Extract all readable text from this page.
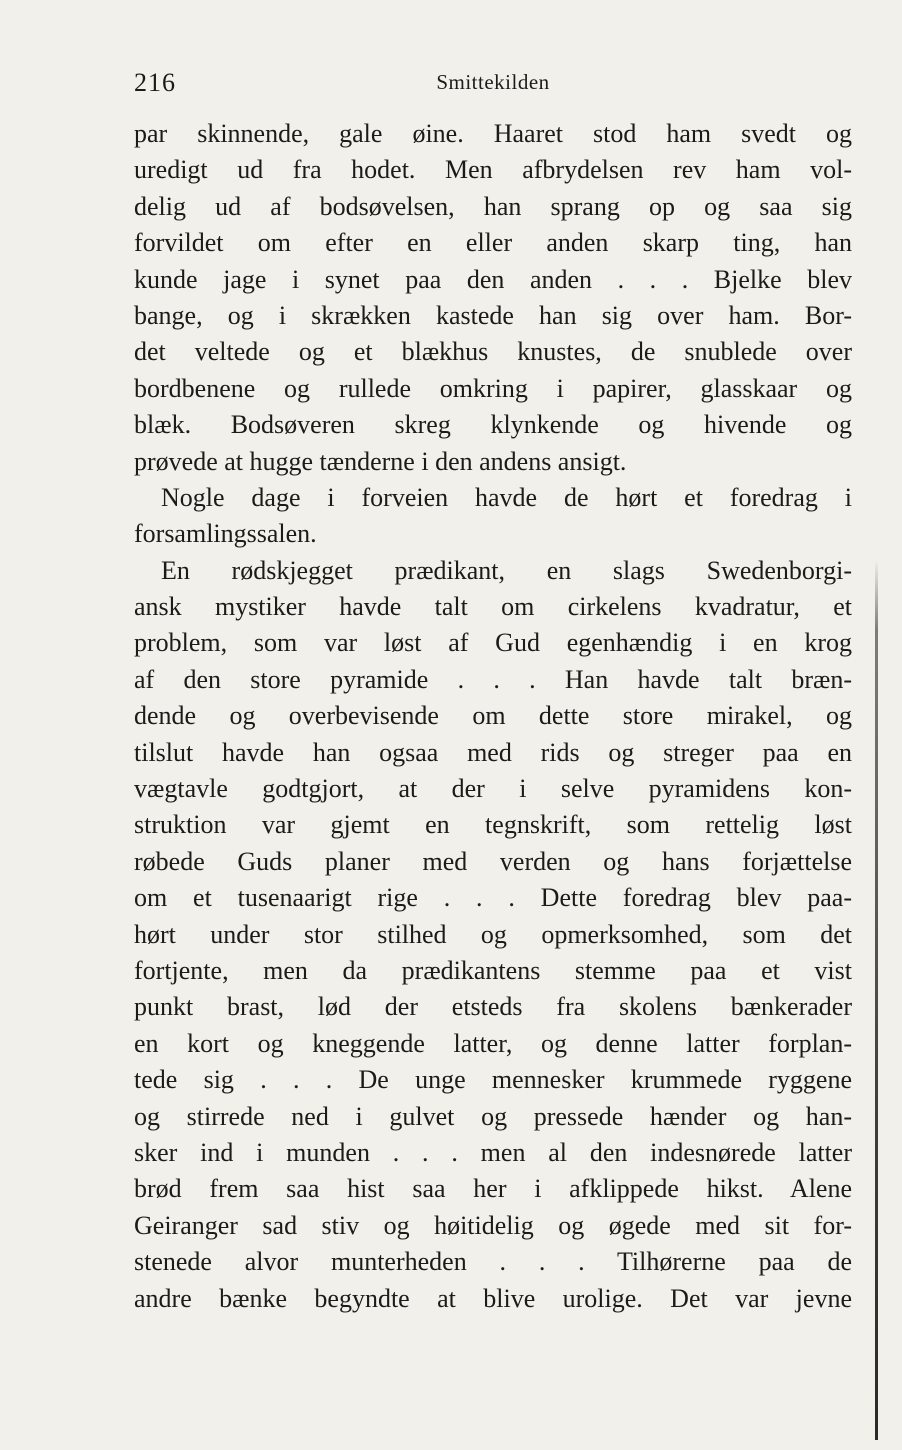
216	Smittekilden
par skinnende, gale øine. Haaret stod ham svedt og
uredigt ud fra hodet. Men afbrydelsen rev ham vol-
delig ud af bodsøvelsen, han sprang op og saa sig
forvildet om efter en eller anden skarp ting, han
kunde jage i synet paa den anden . . . Bjelke blev
bange, og i skrækken kastede han sig over ham. Bor-
det veltede og et blækhus knustes, de snublede over
bordbenene og rullede omkring i papirer, glasskaar og
blæk. Bodsøveren skreg klynkende og hivende og
prøvede at hugge tænderne i den andens ansigt.
Nogle dage i forveien havde de hørt et foredrag i
forsamlingssalen.
En rødskjegget prædikant, en slags Swedenborgi-
ansk mystiker havde talt om cirkelens kvadratur, et
problem, som var løst af Gud egenhændig i en krog
af den store pyramide . . . Han havde talt bræn-
dende og overbevisende om dette store mirakel, og
tilslut havde han ogsaa med rids og streger paa en
vægtavle godtgjort, at der i selve pyramidens kon-
struktion var gjemt en tegnskrift, som rettelig løst
røbede Guds planer med verden og hans forjættelse
om et tusenaarigt rige . . . Dette foredrag blev paa-
hørt under stor stilhed og opmerksomhed, som det
fortjente, men da prædikantens stemme paa et vist
punkt brast, lød der etsteds fra skolens bænkerader
en kort og kneggende latter, og denne latter forplan-
tede sig . . . De unge mennesker krummede ryggene
og stirrede ned i gulvet og pressede hænder og han-
sker ind i munden . . . men al den indesnørede latter
brød frem saa hist saa her i afklippede hikst. Alene
Geiranger sad stiv og høitidelig og øgede med sit for-
stenede alvor munterheden . . . Tilhørerne paa de
andre bænke begyndte at blive urolige. Det var jevne
